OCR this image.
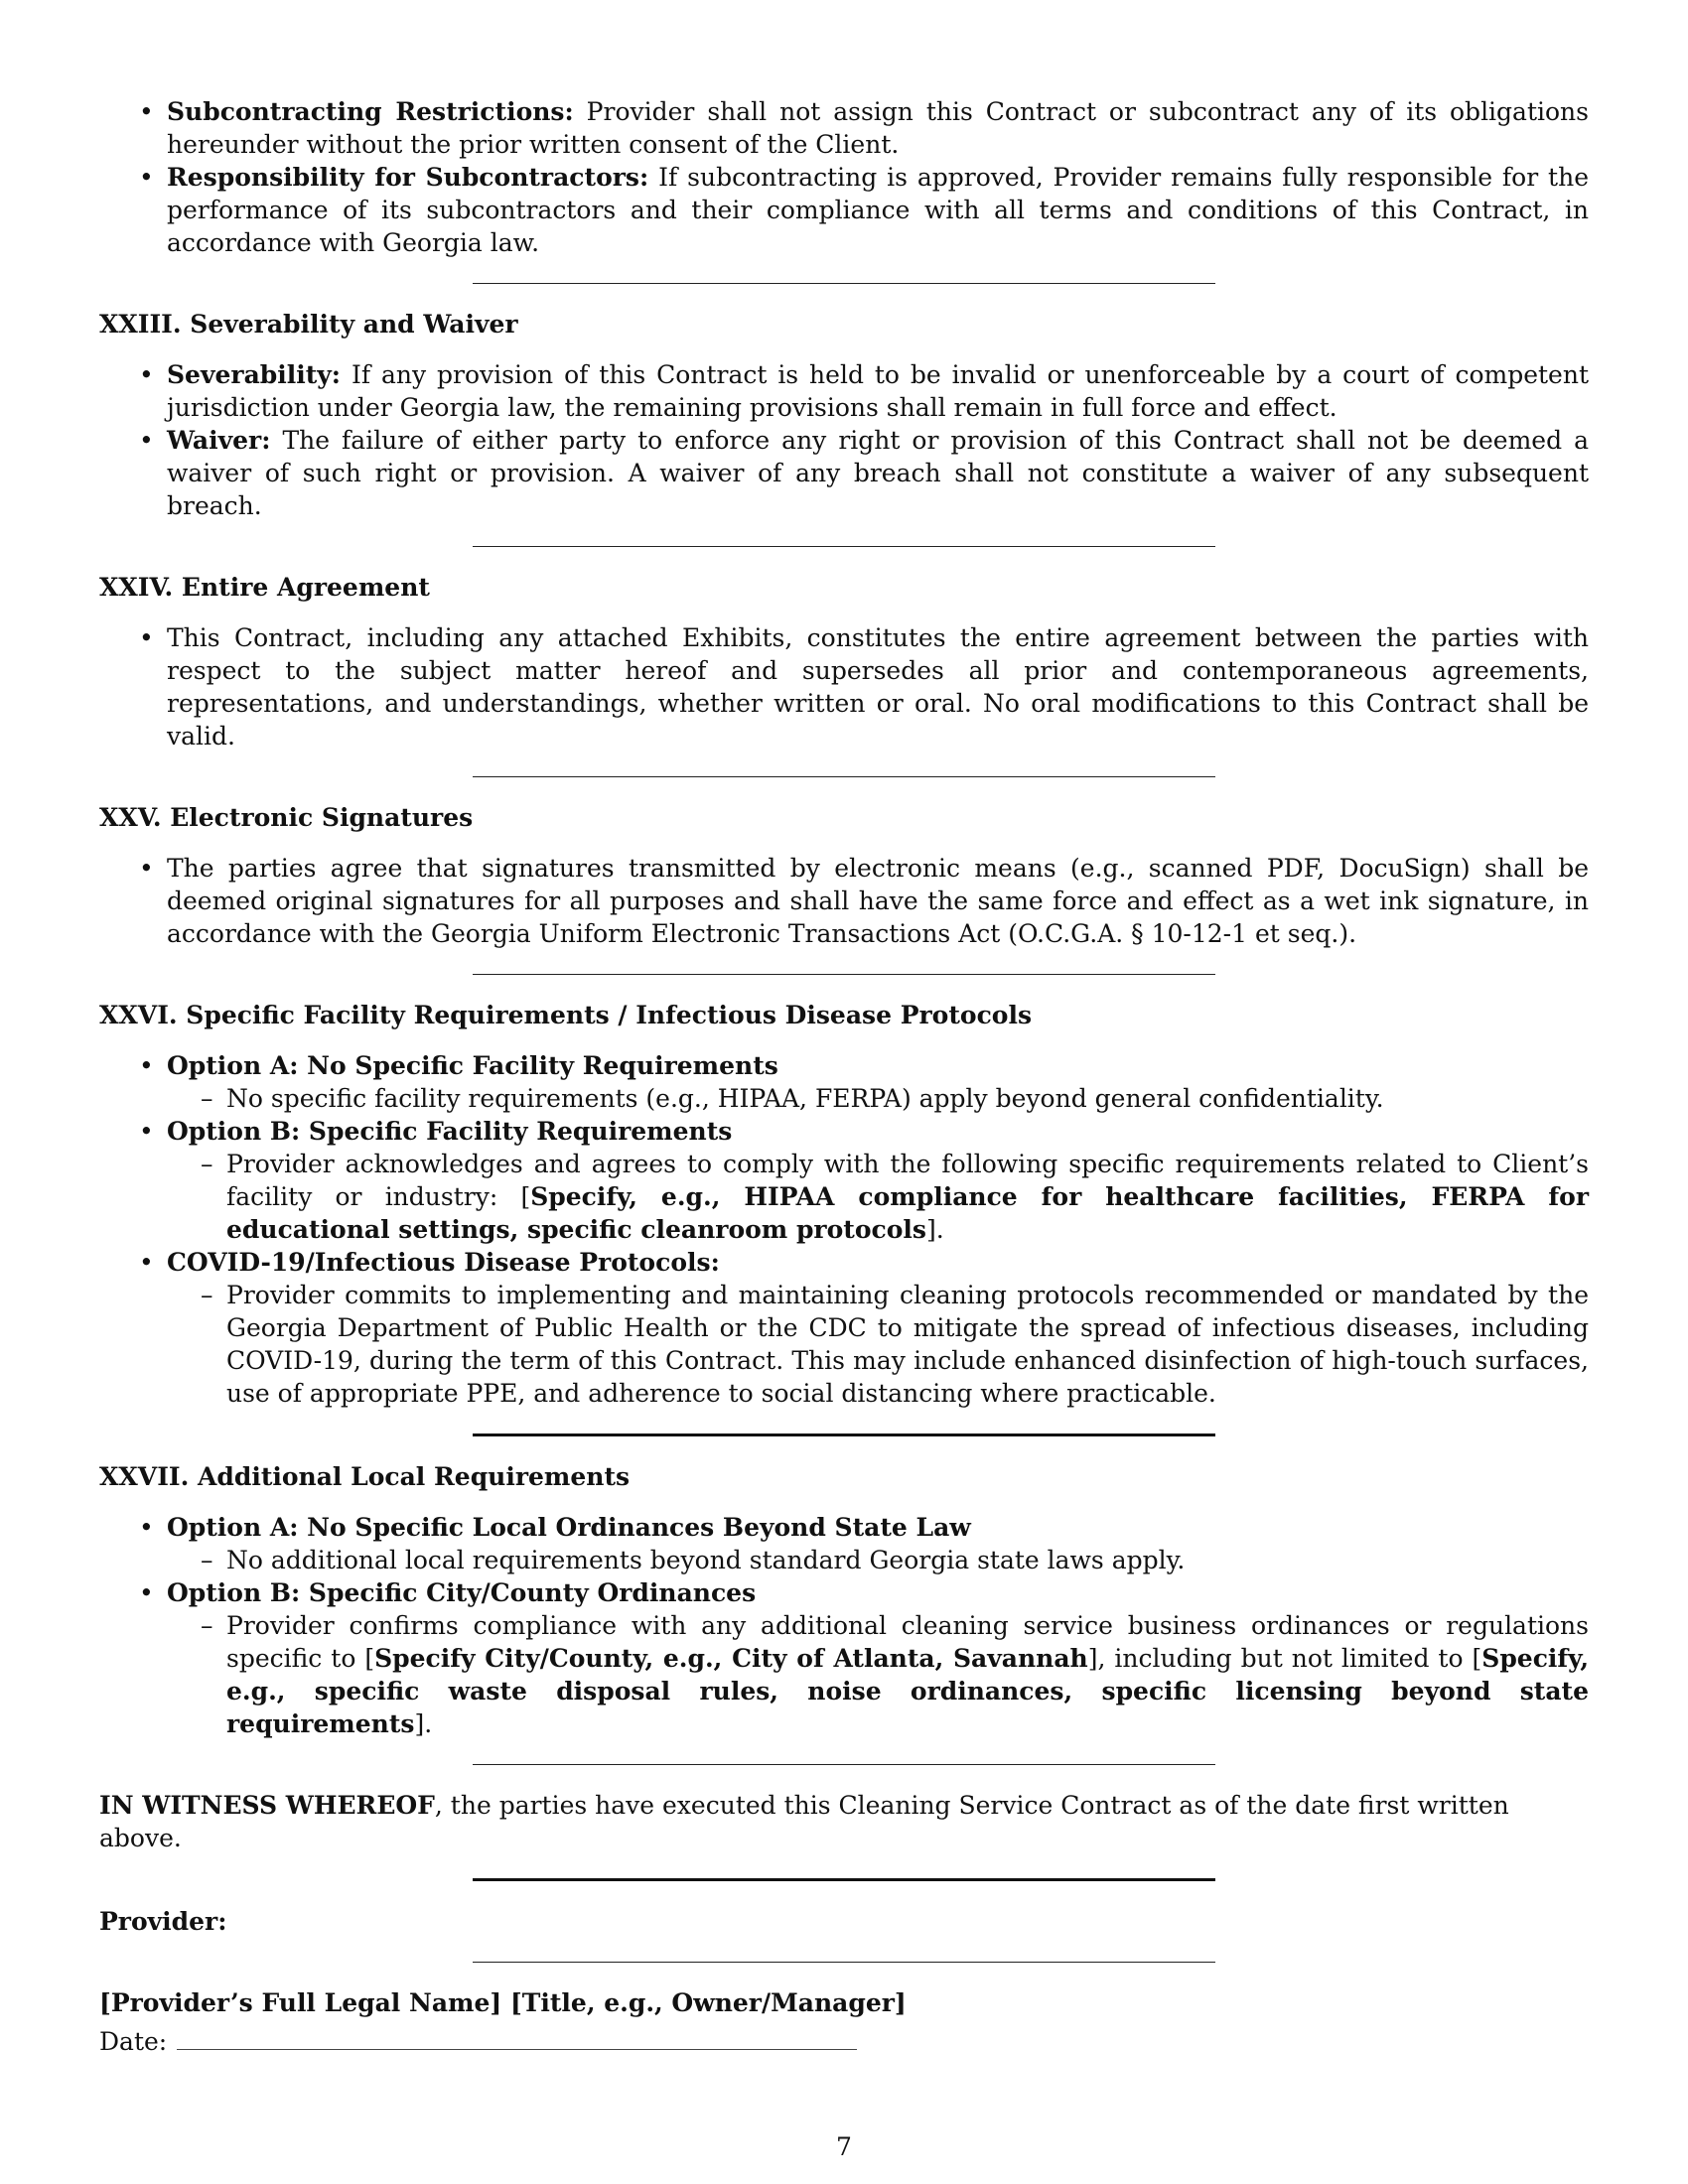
• Subcontracting Restrictions: Provider shall not assign this Contract or subcontract any of its obligations hereunder without the prior written consent of the Client.
• Responsibility for Subcontractors: If subcontracting is approved, Provider remains fully responsible for the performance of its subcontractors and their compliance with all terms and conditions of this Contract, in accordance with Georgia law.
XXIII. Severability and Waiver
• Severability: If any provision of this Contract is held to be invalid or unenforceable by a court of competent jurisdiction under Georgia law, the remaining provisions shall remain in full force and effect.
• Waiver: The failure of either party to enforce any right or provision of this Contract shall not be deemed a waiver of such right or provision. A waiver of any breach shall not constitute a waiver of any subsequent breach.
XXIV. Entire Agreement
• This Contract, including any attached Exhibits, constitutes the entire agreement between the parties with respect to the subject matter hereof and supersedes all prior and contemporaneous agreements, representations, and understandings, whether written or oral. No oral modifications to this Contract shall be valid.
XXV. Electronic Signatures
• The parties agree that signatures transmitted by electronic means (e.g., scanned PDF, DocuSign) shall be deemed original signatures for all purposes and shall have the same force and effect as a wet ink signature, in accordance with the Georgia Uniform Electronic Transactions Act (O.C.G.A. § 10-12-1 et seq.).
XXVI. Specific Facility Requirements / Infectious Disease Protocols
• Option A: No Specific Facility Requirements
– No specific facility requirements (e.g., HIPAA, FERPA) apply beyond general confidentiality.
• Option B: Specific Facility Requirements
– Provider acknowledges and agrees to comply with the following specific requirements related to Client’s facility or industry: [Specify, e.g., HIPAA compliance for healthcare facilities, FERPA for educational settings, specific cleanroom protocols].
• COVID-19/Infectious Disease Protocols:
– Provider commits to implementing and maintaining cleaning protocols recommended or mandated by the Georgia Department of Public Health or the CDC to mitigate the spread of infectious diseases, including COVID-19, during the term of this Contract. This may include enhanced disinfection of high-touch surfaces, use of appropriate PPE, and adherence to social distancing where practicable.
XXVII. Additional Local Requirements
• Option A: No Specific Local Ordinances Beyond State Law
– No additional local requirements beyond standard Georgia state laws apply.
• Option B: Specific City/County Ordinances
– Provider confirms compliance with any additional cleaning service business ordinances or regulations specific to [Specify City/County, e.g., City of Atlanta, Savannah], including but not limited to [Specify, e.g., specific waste disposal rules, noise ordinances, specific licensing beyond state requirements].

IN WITNESS WHEREOF, the parties have executed this Cleaning Service Contract as of the date first written above.

Provider:

[Provider’s Full Legal Name] [Title, e.g., Owner/Manager]

Date:

7
